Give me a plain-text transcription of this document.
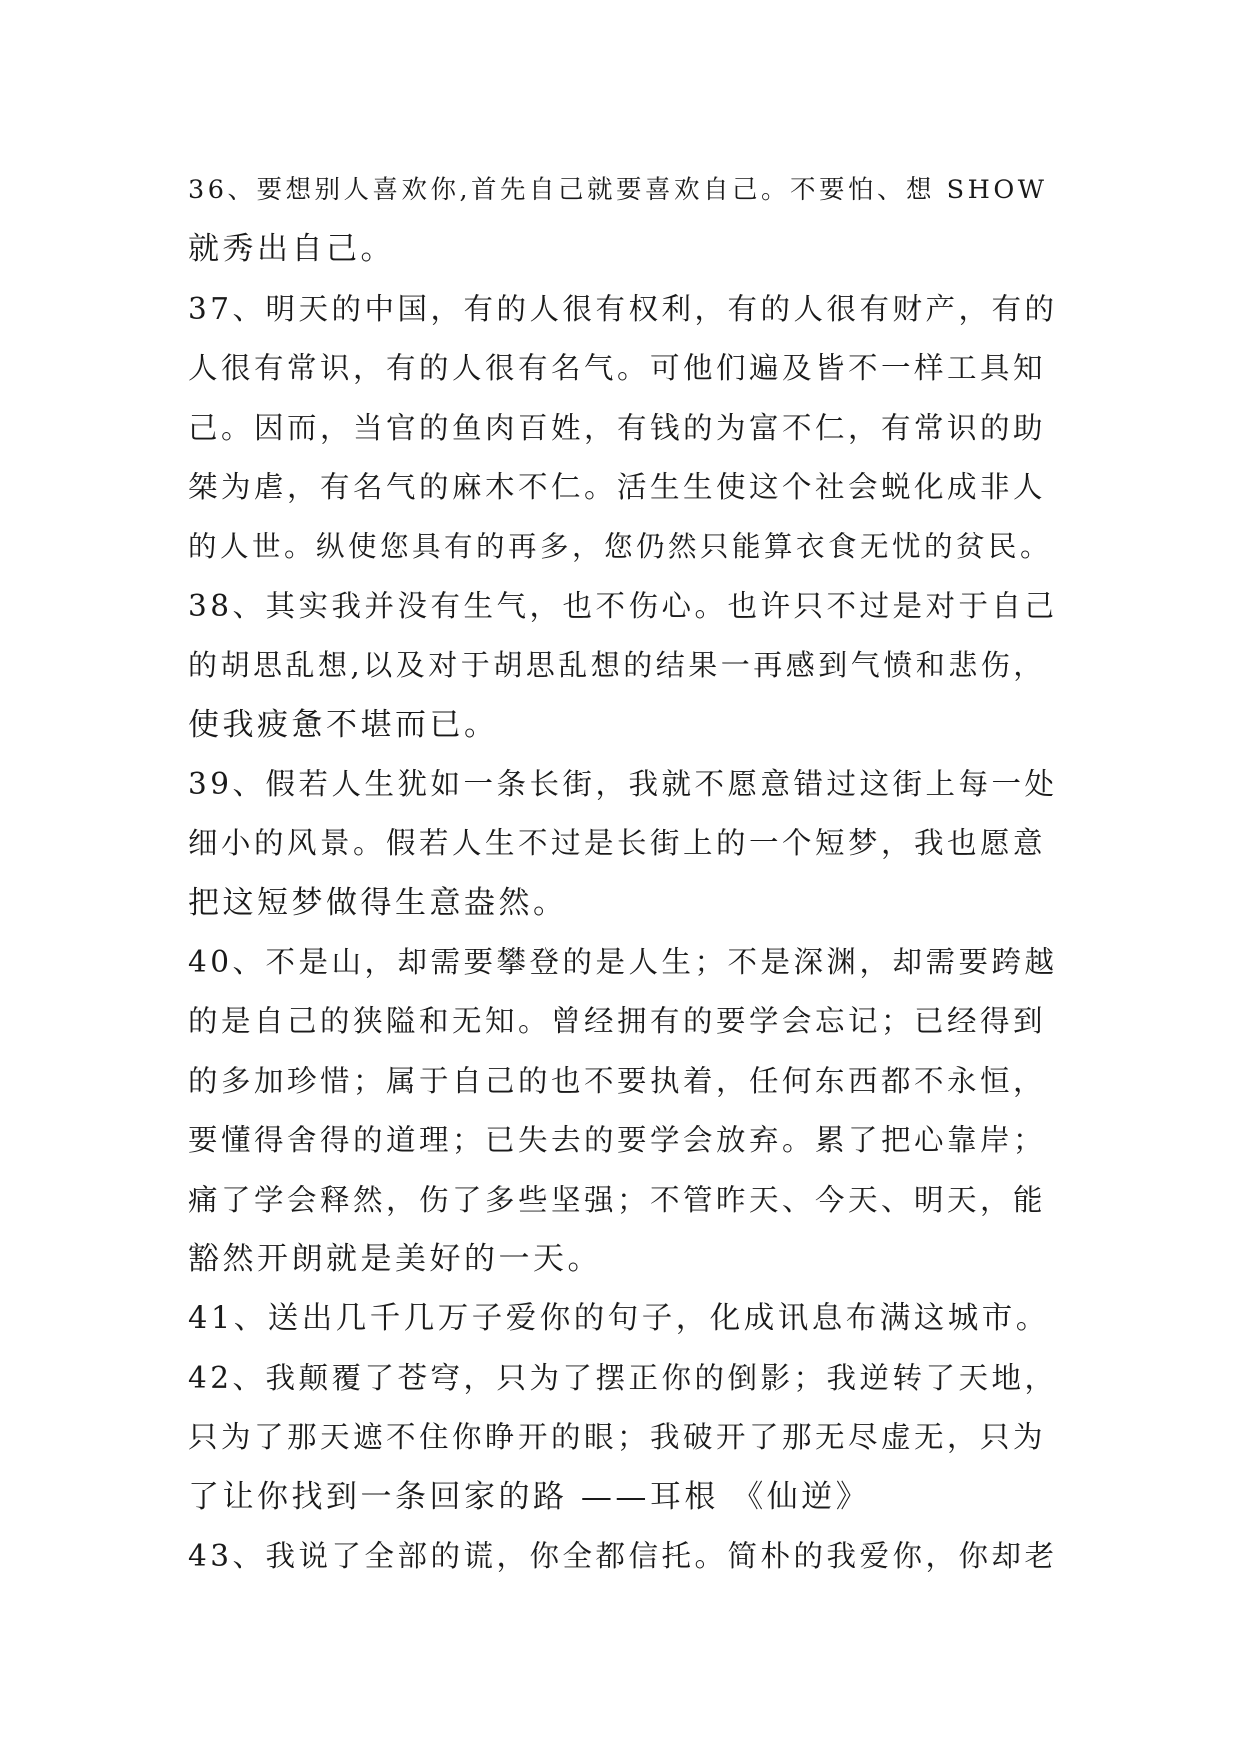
36、要想别人喜欢你,首先自己就要喜欢自己。不要怕、想 SHOW
就秀出自己。
37、明天的中国，有的人很有权利，有的人很有财产，有的
人很有常识，有的人很有名气。可他们遍及皆不一样工具知
己。因而，当官的鱼肉百姓，有钱的为富不仁，有常识的助
桀为虐，有名气的麻木不仁。活生生使这个社会蜕化成非人
的人世。纵使您具有的再多，您仍然只能算衣食无忧的贫民。
38、其实我并没有生气，也不伤心。也许只不过是对于自己
的胡思乱想,以及对于胡思乱想的结果一再感到气愤和悲伤，
使我疲惫不堪而已。
39、假若人生犹如一条长街，我就不愿意错过这街上每一处
细小的风景。假若人生不过是长街上的一个短梦，我也愿意
把这短梦做得生意盎然。
40、不是山，却需要攀登的是人生；不是深渊，却需要跨越
的是自己的狭隘和无知。曾经拥有的要学会忘记；已经得到
的多加珍惜；属于自己的也不要执着，任何东西都不永恒，
要懂得舍得的道理；已失去的要学会放弃。累了把心靠岸；
痛了学会释然，伤了多些坚强；不管昨天、今天、明天，能
豁然开朗就是美好的一天。
41、送出几千几万子爱你的句子，化成讯息布满这城市。
42、我颠覆了苍穹，只为了摆正你的倒影；我逆转了天地，
只为了那天遮不住你睁开的眼；我破开了那无尽虚无，只为
了让你找到一条回家的路 ——耳根 《仙逆》
43、我说了全部的谎，你全都信托。简朴的我爱你，你却老
